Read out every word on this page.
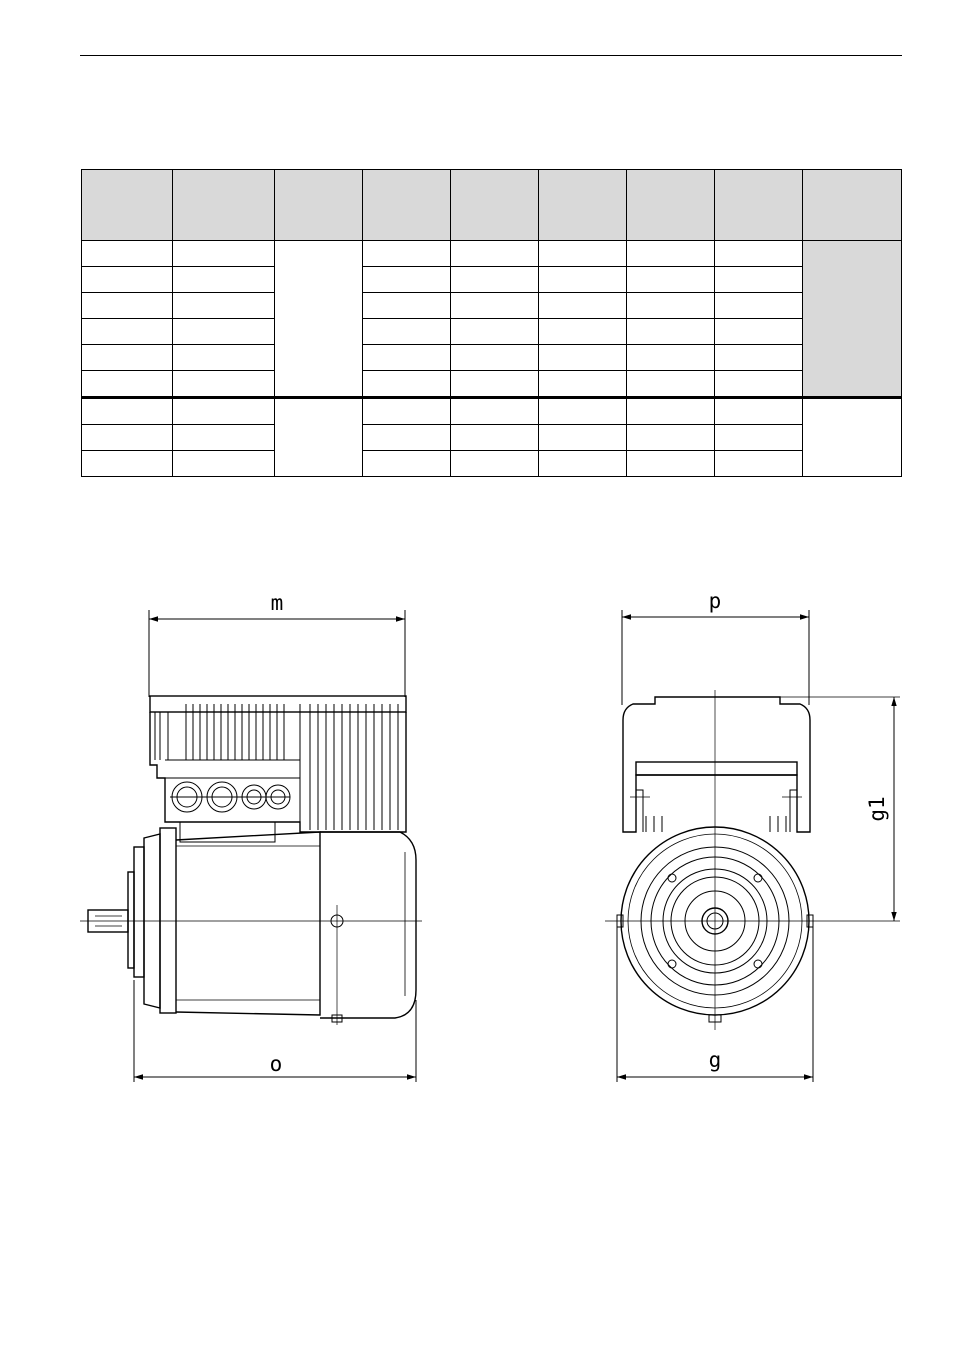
m
o
p
g
g1
